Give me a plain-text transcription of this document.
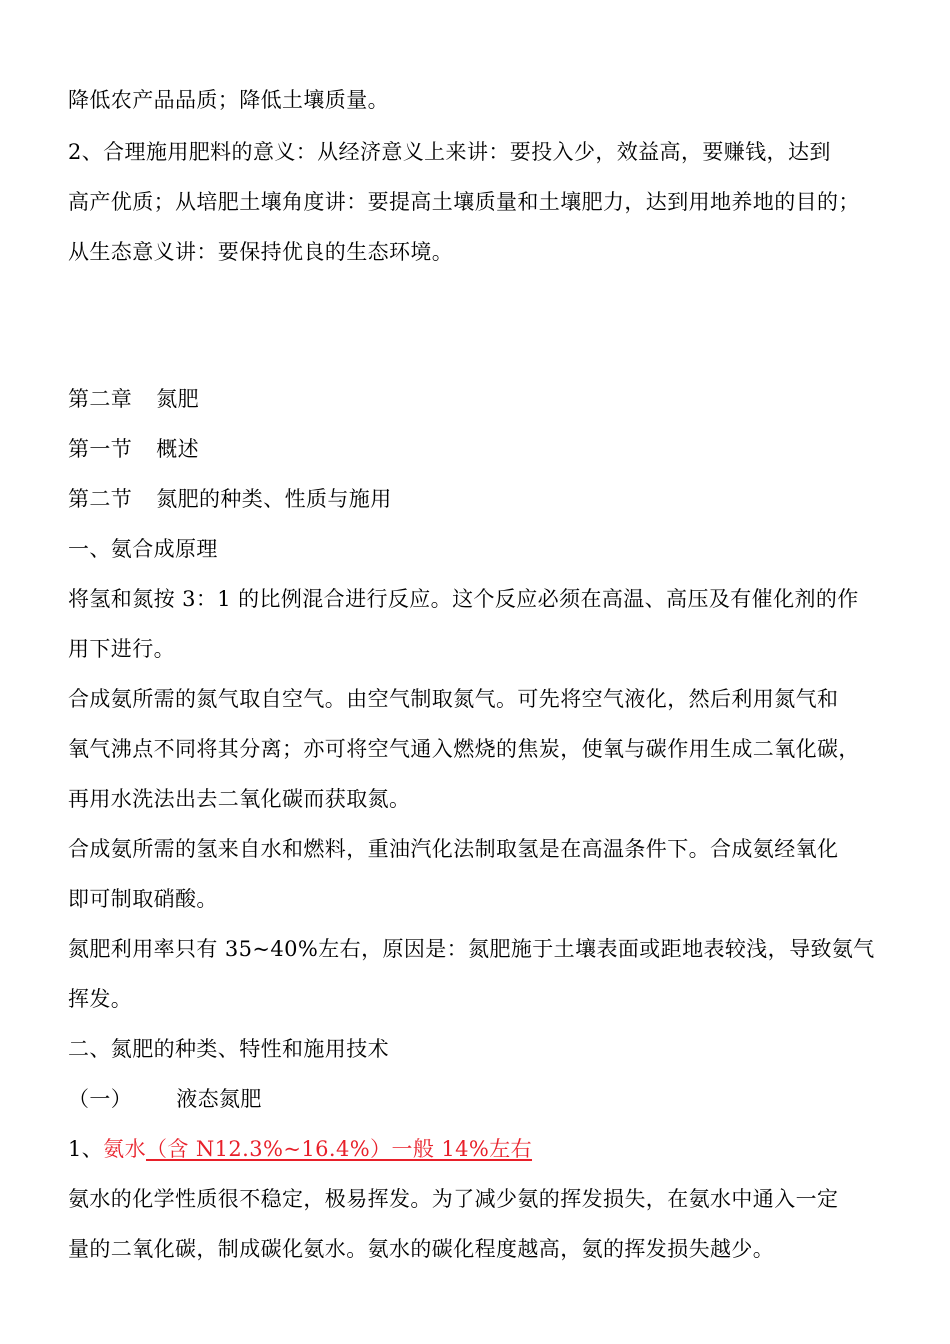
降低农产品品质；降低土壤质量。
2、合理施用肥料的意义：从经济意义上来讲：要投入少，效益高，要赚钱，达到
高产优质；从培肥土壤角度讲：要提高土壤质量和土壤肥力，达到用地养地的目的；
从生态意义讲：要保持优良的生态环境。
第二章 氮肥
第一节 概述
第二节 氮肥的种类、性质与施用
一、氨合成原理
将氢和氮按 3：1 的比例混合进行反应。这个反应必须在高温、高压及有催化剂的作
用下进行。
合成氨所需的氮气取自空气。由空气制取氮气。可先将空气液化，然后利用氮气和
氧气沸点不同将其分离；亦可将空气通入燃烧的焦炭，使氧与碳作用生成二氧化碳，
再用水洗法出去二氧化碳而获取氮。
合成氨所需的氢来自水和燃料，重油汽化法制取氢是在高温条件下。合成氨经氧化
即可制取硝酸。
氮肥利用率只有 35~40%左右，原因是：氮肥施于土壤表面或距地表较浅，导致氨气
挥发。
二、氮肥的种类、特性和施用技术
（一） 液态氮肥
1、氨水（含 N12.3%~16.4%）一般 14%左右
氨水的化学性质很不稳定，极易挥发。为了减少氨的挥发损失，在氨水中通入一定
量的二氧化碳，制成碳化氨水。氨水的碳化程度越高，氨的挥发损失越少。
